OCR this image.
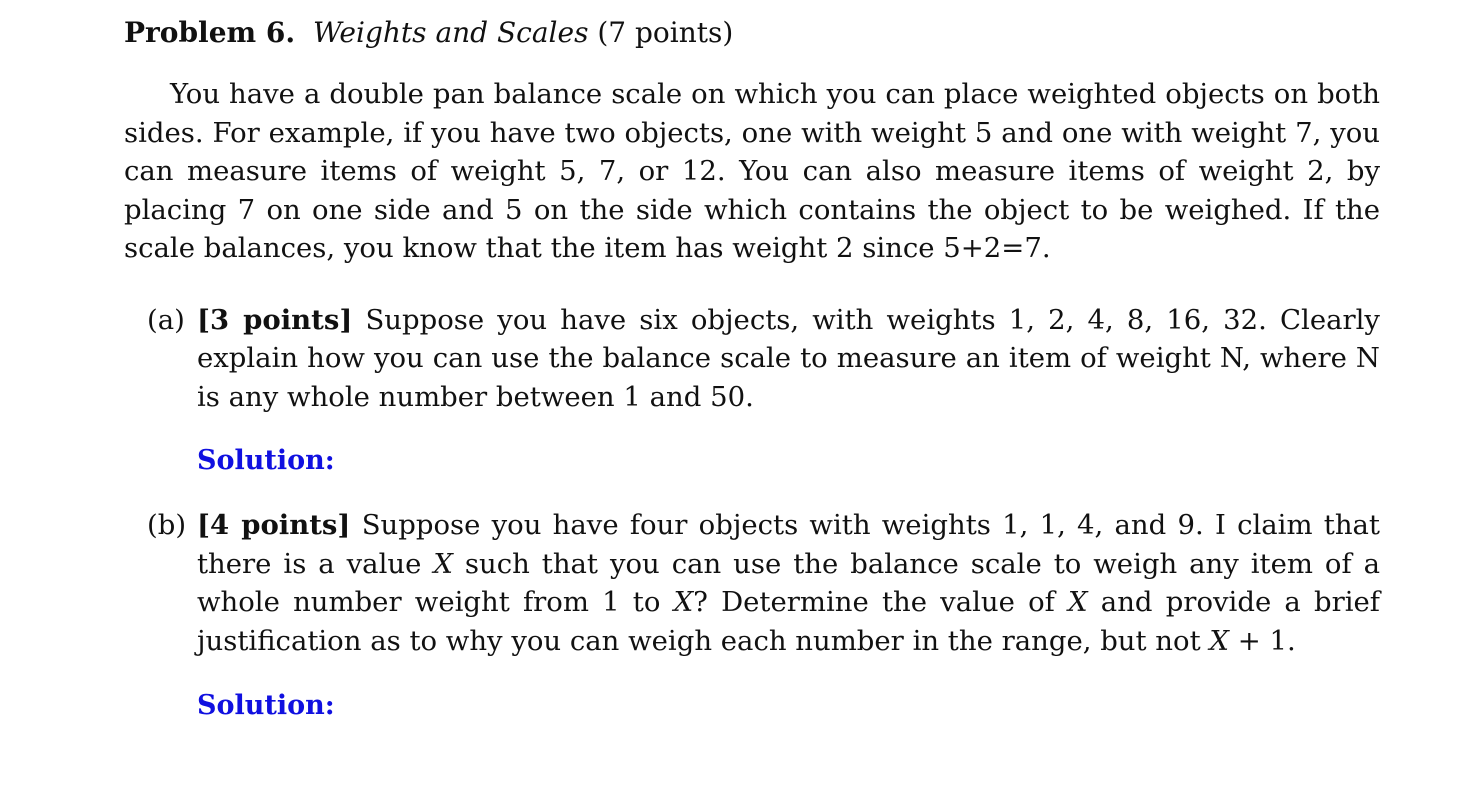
Problem 6. Weights and Scales (7 points)

You have a double pan balance scale on which you can place weighted objects on both sides. For example, if you have two objects, one with weight 5 and one with weight 7, you can measure items of weight 5, 7, or 12. You can also measure items of weight 2, by placing 7 on one side and 5 on the side which contains the object to be weighed. If the scale balances, you know that the item has weight 2 since 5+2=7.

(a) [3 points] Suppose you have six objects, with weights 1, 2, 4, 8, 16, 32. Clearly explain how you can use the balance scale to measure an item of weight N, where N is any whole number between 1 and 50.
Solution:
(b) [4 points] Suppose you have four objects with weights 1, 1, 4, and 9. I claim that there is a value X such that you can use the balance scale to weigh any item of a whole number weight from 1 to X? Determine the value of X and provide a brief justification as to why you can weigh each number in the range, but not X + 1.
Solution:
